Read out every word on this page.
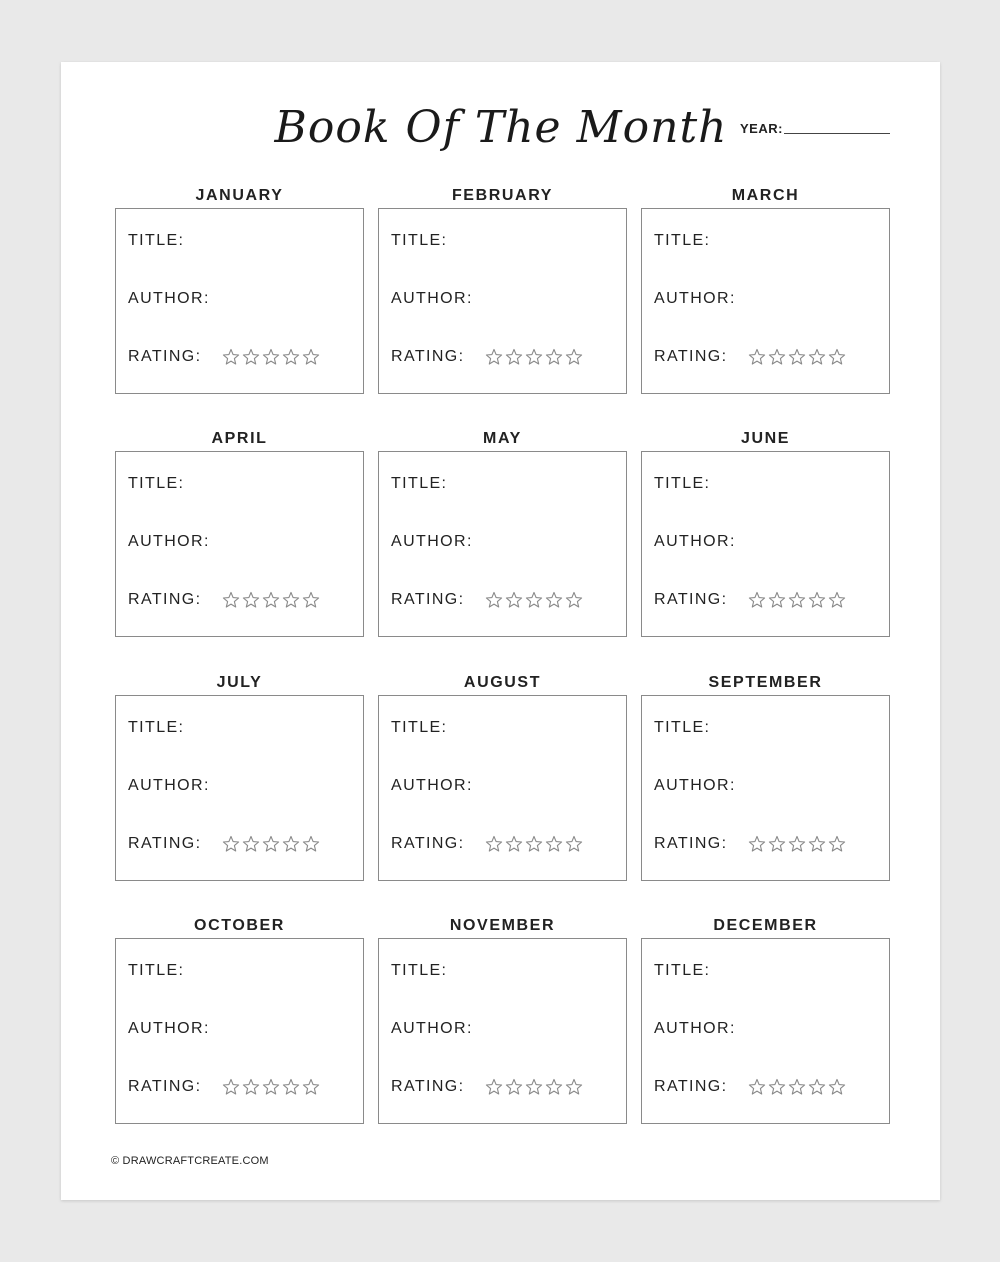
Book Of The Month YEAR:
JANUARY
TITLE:
AUTHOR:
RATING:
FEBRUARY
TITLE:
AUTHOR:
RATING:
MARCH
TITLE:
AUTHOR:
RATING:
APRIL
TITLE:
AUTHOR:
RATING:
MAY
TITLE:
AUTHOR:
RATING:
JUNE
TITLE:
AUTHOR:
RATING:
JULY
TITLE:
AUTHOR:
RATING:
AUGUST
TITLE:
AUTHOR:
RATING:
SEPTEMBER
TITLE:
AUTHOR:
RATING:
OCTOBER
TITLE:
AUTHOR:
RATING:
NOVEMBER
TITLE:
AUTHOR:
RATING:
DECEMBER
TITLE:
AUTHOR:
RATING:
© DRAWCRAFTCREATE.COM
